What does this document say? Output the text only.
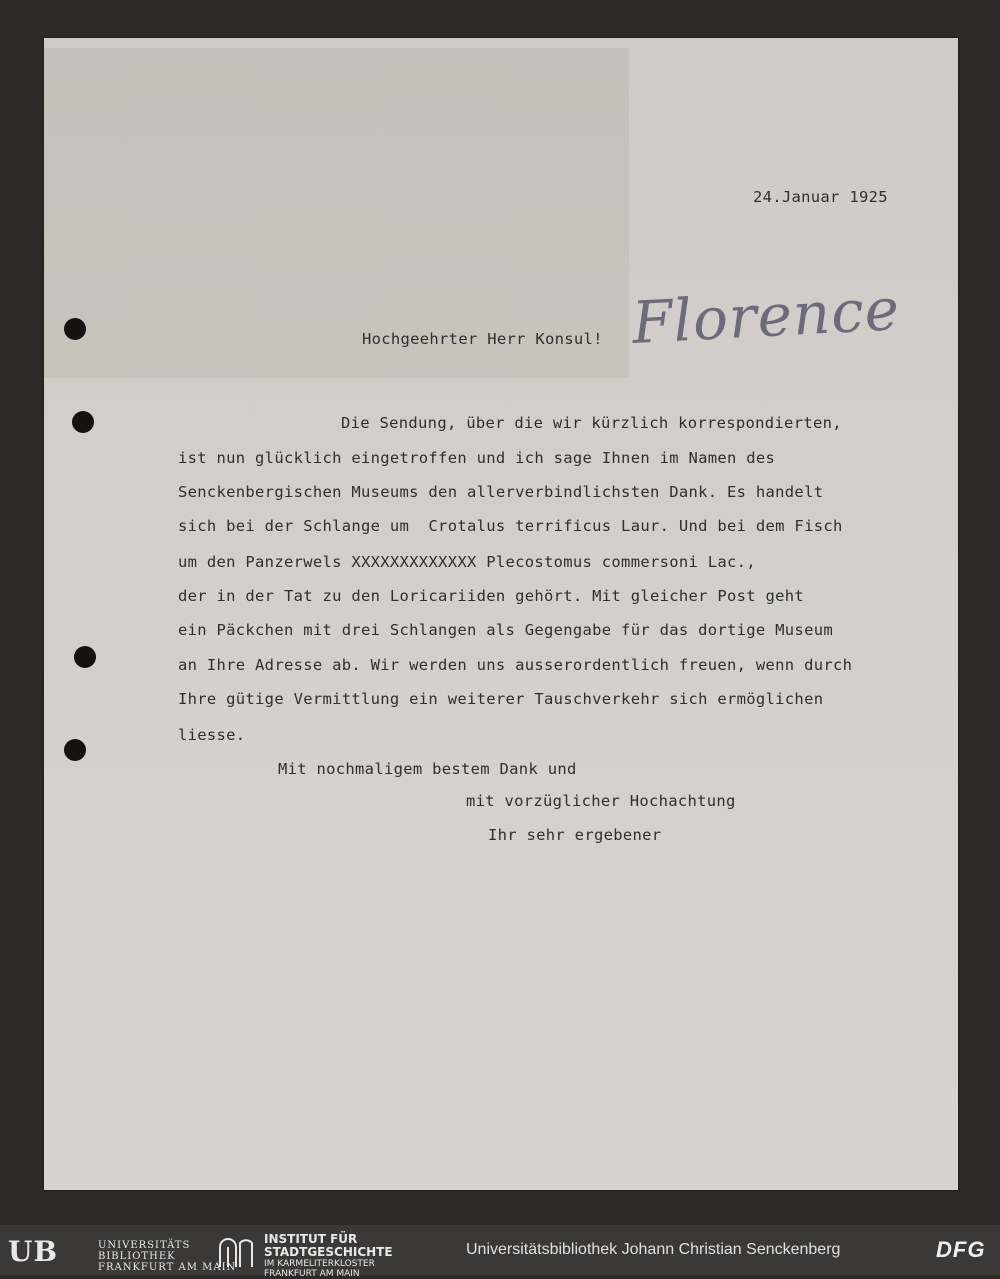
24.Januar 1925
Hochgeehrter Herr Konsul! Florence
Die Sendung, über die wir kürzlich korrespondierten,
ist nun glücklich eingetroffen und ich sage Ihnen im Namen des
Senckenbergischen Museums den allerverbindlichsten Dank. Es handelt
sich bei der Schlange um  Crotalus terrificus Laur. Und bei dem Fisch
um den Panzerwels XXXXXXXXXXXXX Plecostomus commersoni Lac.,
der in der Tat zu den Loricariiden gehört. Mit gleicher Post geht
ein Päckchen mit drei Schlangen als Gegengabe für das dortige Museum
an Ihre Adresse ab. Wir werden uns ausserordentlich freuen, wenn durch
Ihre gütige Vermittlung ein weiterer Tauschverkehr sich ermöglichen
liesse.
Mit nochmaligem bestem Dank und
mit vorzüglicher Hochachtung
Ihr sehr ergebener
UB	UNIVERSITÄTS
BIBLIOTHEK
FRANKFURT AM MAIN
INSTITUT FÜR
STADTGESCHICHTE
IM KARMELITERKLOSTER
FRANKFURT AM MAIN
Universitätsbibliothek Johann Christian Senckenberg	DFG
